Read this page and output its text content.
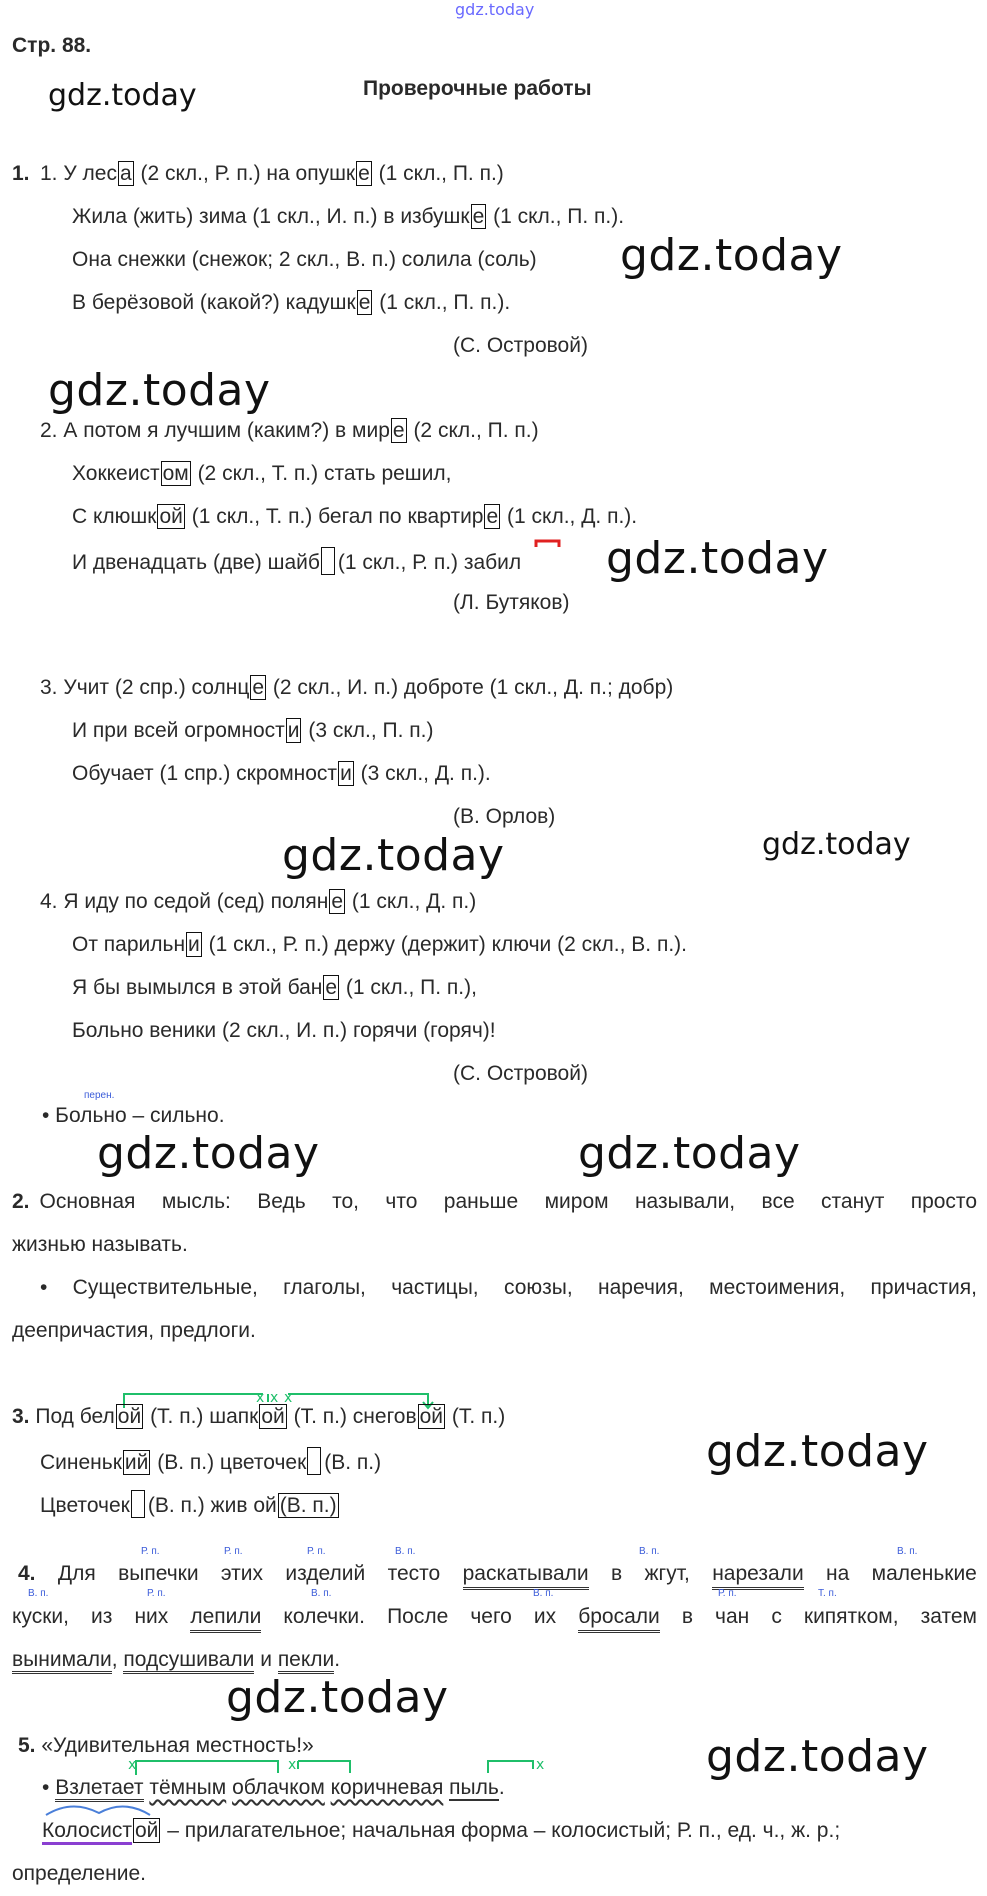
gdz.today
Стр. 88.
Проверочные работы
gdz.today
gdz.today
gdz.today
gdz.today
gdz.today	gdz.today
gdz.today	gdz.today
gdz.today
gdz.today
gdz.today
1. 1. У лес а (2 скл., Р. п.) на опушк е (1 скл., П. п.)
Жила (жить) зима (1 скл., И. п.) в избушк е (1 скл., П. п.).
Она снежки (снежок; 2 скл., В. п.) солила (соль)
В берёзовой (какой?) кадушк е (1 скл., П. п.).
(С. Островой)
2. А потом я лучшим (каким?) в мир е (2 скл., П. п.)
Хоккеист ом (2 скл., Т. п.) стать решил,
С клюшк ой (1 скл., Т. п.) бегал по квартир е (1 скл., Д. п.).
И двенадцать (две) шайб (1 скл., Р. п.) забил
(Л. Бутяков)
3. Учит (2 спр.) солнц е (2 скл., И. п.) доброте (1 скл., Д. п.; добр)
И при всей огромност и (3 скл., П. п.)
Обучает (1 спр.) скромност и (3 скл., Д. п.).
(В. Орлов)
4. Я иду по седой (сед) полян е (1 скл., Д. п.)
От парильн и (1 скл., Р. п.) держу (держит) ключи (2 скл., В. п.).
Я бы вымылся в этой бан е (1 скл., П. п.),
Больно веники (2 скл., И. п.) горячи (горяч)!
(С. Островой)
перен.
• Больно – сильно.
2. Основная мысль: Ведь то, что раньше миром называли, все станут просто
жизнью называть.
• Существительные, глаголы, частицы, союзы, наречия, местоимения, причастия,
деепричастия, предлоги.
x x x
3. Под бел ой (Т. п.) шапк ой (Т. п.) снегов ой (Т. п.)
Синеньк ий (В. п.) цветочек (В. п.)
Цветочек (В. п.) жив ой (В. п.)
Р. п.	Р. п.	Р. п.	В. п.	В. п.	В. п.
4. Для выпечки этих изделий тесто раскатывали в жгут, нарезали на маленькие
В. п.	Р. п.	В. п.	В. п.	Р. п.	Т. п.
куски, из них лепили колечки. После чего их бросали в чан с кипятком, затем
вынимали, подсушивали и пекли.
5. «Удивительная местность!»
x	x	x
• Взлетает тёмным облачком коричневая пыль.
Колосист ой – прилагательное; начальная форма – колосистый; Р. п., ед. ч., ж. р.;
определение.
